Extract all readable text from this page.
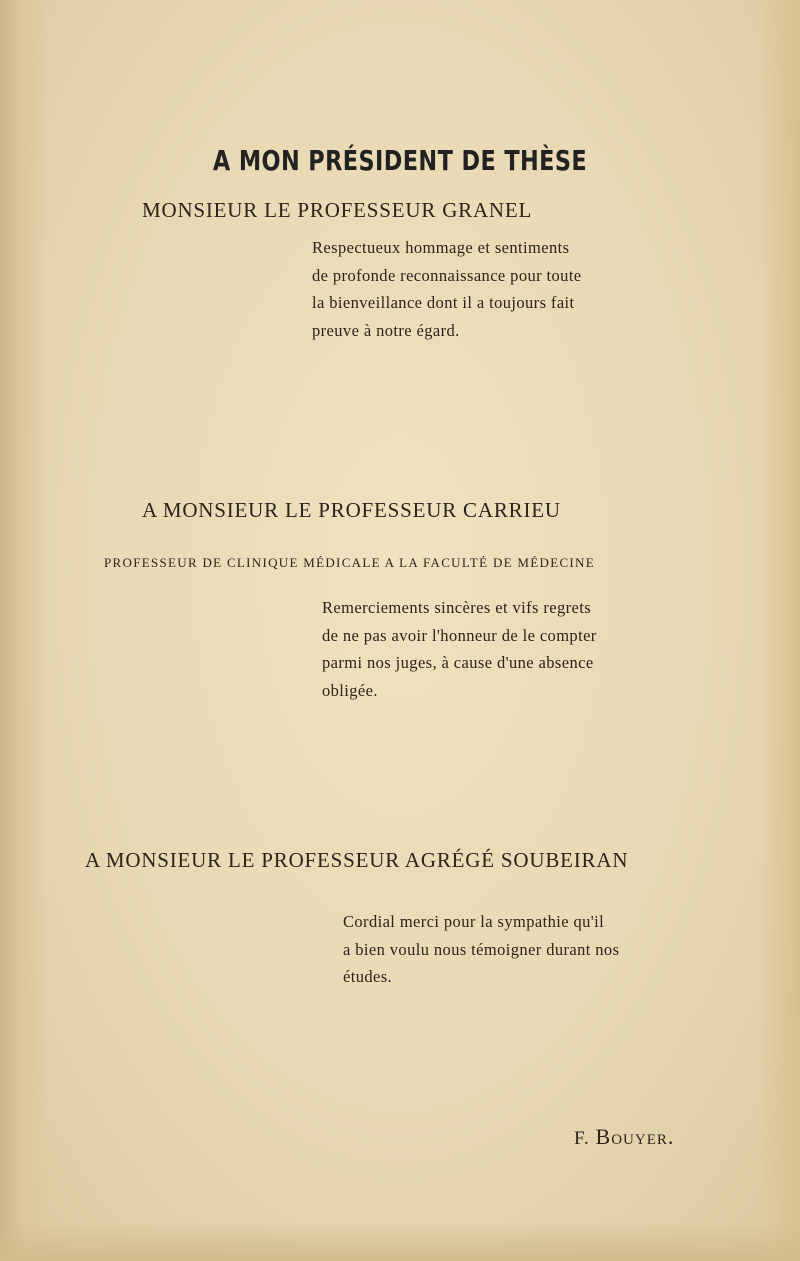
A MON PRÉSIDENT DE THÈSE
MONSIEUR LE PROFESSEUR GRANEL
Respectueux hommage et sentiments
de profonde reconnaissance pour toute
la bienveillance dont il a toujours fait
preuve à notre égard.
A MONSIEUR LE PROFESSEUR CARRIEU
PROFESSEUR DE CLINIQUE MÉDICALE A LA FACULTÉ DE MÉDECINE
Remerciements sincères et vifs regrets
de ne pas avoir l'honneur de le compter
parmi nos juges, à cause d'une absence
obligée.
A MONSIEUR LE PROFESSEUR AGRÉGÉ SOUBEIRAN
Cordial merci pour la sympathie qu'il
a bien voulu nous témoigner durant nos
études.
F. Bouyer.
